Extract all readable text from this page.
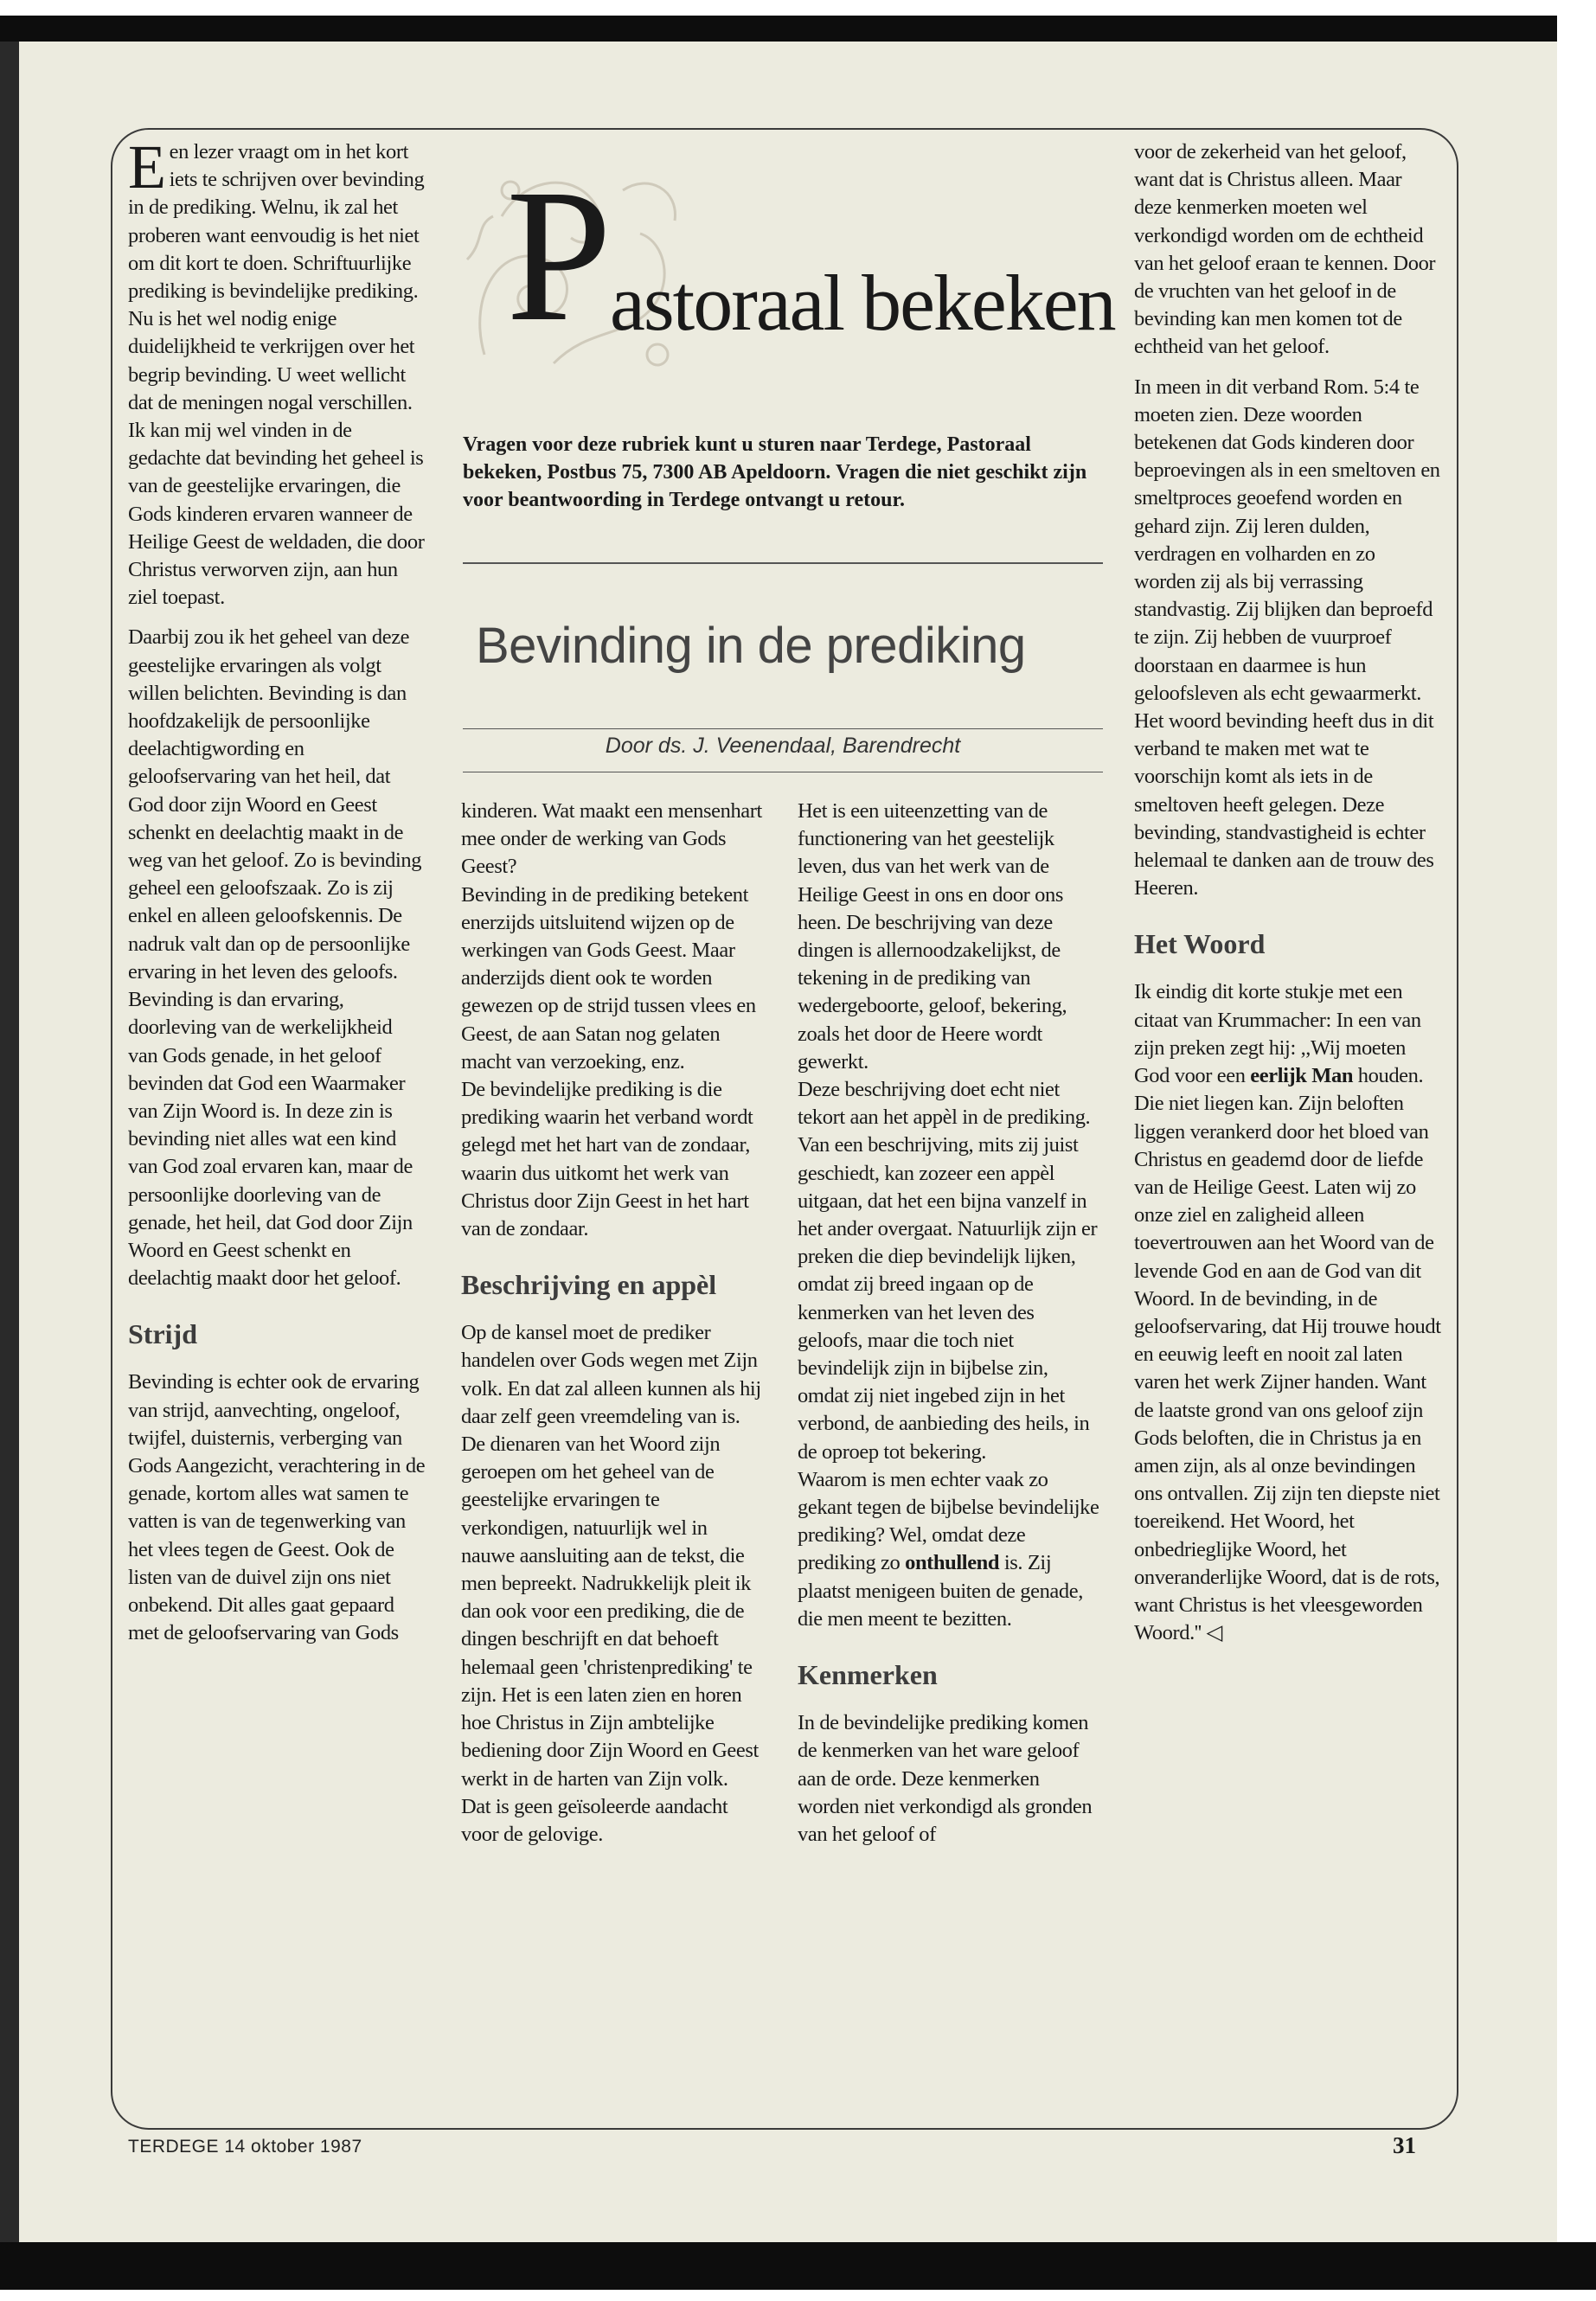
P
astoraal bekeken
Vragen voor deze rubriek kunt u sturen naar Terdege, Pastoraal bekeken, Postbus 75, 7300 AB Apeldoorn. Vragen die niet geschikt zijn voor beantwoording in Terdege ontvangt u retour.
Bevinding in de prediking
Door ds. J. Veenendaal, Barendrecht

Een lezer vraagt om in het kort iets te schrijven over bevinding in de prediking. Welnu, ik zal het proberen want eenvoudig is het niet om dit kort te doen. Schriftuurlijke prediking is bevindelijke prediking. Nu is het wel nodig enige duidelijkheid te verkrijgen over het begrip bevinding. U weet wellicht dat de meningen nogal verschillen. Ik kan mij wel vinden in de gedachte dat bevinding het geheel is van de geestelijke ervaringen, die Gods kinderen ervaren wanneer de Heilige Geest de weldaden, die door Christus verworven zijn, aan hun ziel toepast.

Daarbij zou ik het geheel van deze geestelijke ervaringen als volgt willen belichten. Bevinding is dan hoofdzakelijk de persoonlijke deelachtigwording en geloofservaring van het heil, dat God door zijn Woord en Geest schenkt en deelachtig maakt in de weg van het geloof. Zo is bevinding geheel een geloofszaak. Zo is zij enkel en alleen geloofskennis. De nadruk valt dan op de persoonlijke ervaring in het leven des geloofs.

Bevinding is dan ervaring, doorleving van de werkelijkheid van Gods genade, in het geloof bevinden dat God een Waarmaker van Zijn Woord is. In deze zin is bevinding niet alles wat een kind van God zoal ervaren kan, maar de persoonlijke doorleving van de genade, het heil, dat God door Zijn Woord en Geest schenkt en deelachtig maakt door het geloof.

Strijd

Bevinding is echter ook de ervaring van strijd, aanvechting, ongeloof, twijfel, duisternis, verberging van Gods Aangezicht, verachtering in de genade, kortom alles wat samen te vatten is van de tegenwerking van het vlees tegen de Geest. Ook de listen van de duivel zijn ons niet onbekend. Dit alles gaat gepaard met de geloofservaring van Gods

kinderen. Wat maakt een mensenhart mee onder de werking van Gods Geest?

Bevinding in de prediking betekent enerzijds uitsluitend wijzen op de werkingen van Gods Geest. Maar anderzijds dient ook te worden gewezen op de strijd tussen vlees en Geest, de aan Satan nog gelaten macht van verzoeking, enz.

De bevindelijke prediking is die prediking waarin het verband wordt gelegd met het hart van de zondaar, waarin dus uitkomt het werk van Christus door Zijn Geest in het hart van de zondaar.

Beschrijving en appèl

Op de kansel moet de prediker handelen over Gods wegen met Zijn volk. En dat zal alleen kunnen als hij daar zelf geen vreemdeling van is. De dienaren van het Woord zijn geroepen om het geheel van de geestelijke ervaringen te verkondigen, natuurlijk wel in nauwe aansluiting aan de tekst, die men bepreekt. Nadrukkelijk pleit ik dan ook voor een prediking, die de dingen beschrijft en dat behoeft helemaal geen 'christenprediking' te zijn. Het is een laten zien en horen hoe Christus in Zijn ambtelijke bediening door Zijn Woord en Geest werkt in de harten van Zijn volk.

Dat is geen geïsoleerde aandacht voor de gelovige.

Het is een uiteenzetting van de functionering van het geestelijk leven, dus van het werk van de Heilige Geest in ons en door ons heen. De beschrijving van deze dingen is allernoodzakelijkst, de tekening in de prediking van wedergeboorte, geloof, bekering, zoals het door de Heere wordt gewerkt.

Deze beschrijving doet echt niet tekort aan het appèl in de prediking. Van een beschrijving, mits zij juist geschiedt, kan zozeer een appèl uitgaan, dat het een bijna vanzelf in het ander overgaat. Natuurlijk zijn er preken die diep bevindelijk lijken, omdat zij breed ingaan op de kenmerken van het leven des geloofs, maar die toch niet bevindelijk zijn in bijbelse zin, omdat zij niet ingebed zijn in het verbond, de aanbieding des heils, in de oproep tot bekering.

Waarom is men echter vaak zo gekant tegen de bijbelse bevindelijke prediking? Wel, omdat deze prediking zo onthullend is. Zij plaatst menigeen buiten de genade, die men meent te bezitten.

Kenmerken

In de bevindelijke prediking komen de kenmerken van het ware geloof aan de orde. Deze kenmerken worden niet verkondigd als gronden van het geloof of

voor de zekerheid van het geloof, want dat is Christus alleen. Maar deze kenmerken moeten wel verkondigd worden om de echtheid van het geloof eraan te kennen. Door de vruchten van het geloof in de bevinding kan men komen tot de echtheid van het geloof.

In meen in dit verband Rom. 5:4 te moeten zien. Deze woorden betekenen dat Gods kinderen door beproevingen als in een smeltoven en smeltproces geoefend worden en gehard zijn. Zij leren dulden, verdragen en volharden en zo worden zij als bij verrassing standvastig. Zij blijken dan beproefd te zijn. Zij hebben de vuurproef doorstaan en daarmee is hun geloofsleven als echt gewaarmerkt. Het woord bevinding heeft dus in dit verband te maken met wat te voorschijn komt als iets in de smeltoven heeft gelegen. Deze bevinding, standvastigheid is echter helemaal te danken aan de trouw des Heeren.

Het Woord

Ik eindig dit korte stukje met een citaat van Krummacher: In een van zijn preken zegt hij: ,,Wij moeten God voor een eerlijk Man houden. Die niet liegen kan. Zijn beloften liggen verankerd door het bloed van Christus en geademd door de liefde van de Heilige Geest. Laten wij zo onze ziel en zaligheid alleen toevertrouwen aan het Woord van de levende God en aan de God van dit Woord. In de bevinding, in de geloofservaring, dat Hij trouwe houdt en eeuwig leeft en nooit zal laten varen het werk Zijner handen. Want de laatste grond van ons geloof zijn Gods beloften, die in Christus ja en amen zijn, als al onze bevindingen ons ontvallen. Zij zijn ten diepste niet toereikend. Het Woord, het onbedrieglijke Woord, het onveranderlijke Woord, dat is de rots, want Christus is het vleesgeworden Woord.'' ◁

TERDEGE 14 oktober 1987	31
